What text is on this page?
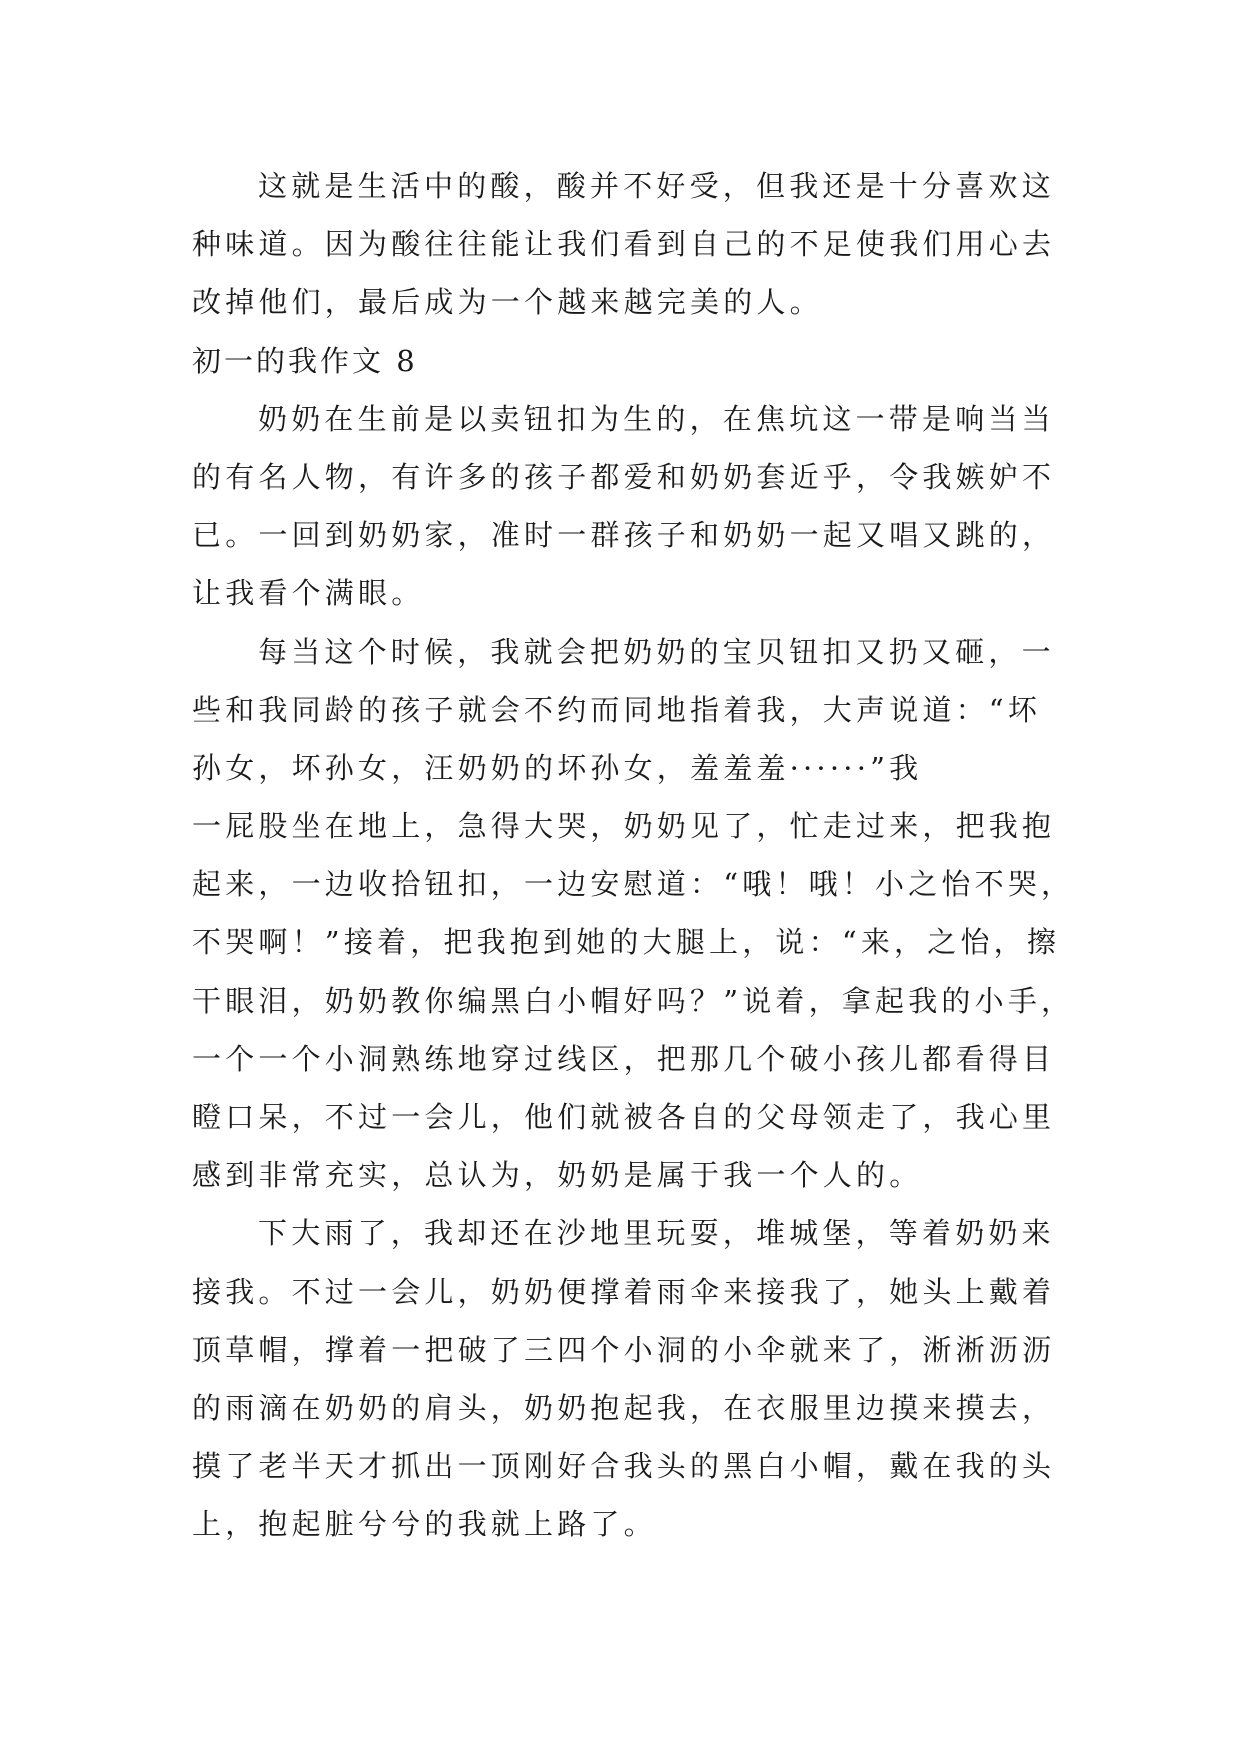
这就是生活中的酸，酸并不好受，但我还是十分喜欢这
种味道。因为酸往往能让我们看到自己的不足使我们用心去
改掉他们，最后成为一个越来越完美的人。
初一的我作文 8
奶奶在生前是以卖钮扣为生的，在焦坑这一带是响当当
的有名人物，有许多的孩子都爱和奶奶套近乎，令我嫉妒不
已。一回到奶奶家，准时一群孩子和奶奶一起又唱又跳的，
让我看个满眼。
每当这个时候，我就会把奶奶的宝贝钮扣又扔又砸，一
些和我同龄的孩子就会不约而同地指着我，大声说道：“坏
孙女，坏孙女，汪奶奶的坏孙女，羞羞羞······”我
一屁股坐在地上，急得大哭，奶奶见了，忙走过来，把我抱
起来，一边收拾钮扣，一边安慰道：“哦！哦！小之怡不哭，
不哭啊！”接着，把我抱到她的大腿上，说：“来，之怡，擦
干眼泪，奶奶教你编黑白小帽好吗？”说着，拿起我的小手，
一个一个小洞熟练地穿过线区，把那几个破小孩儿都看得目
瞪口呆，不过一会儿，他们就被各自的父母领走了，我心里
感到非常充实，总认为，奶奶是属于我一个人的。
下大雨了，我却还在沙地里玩耍，堆城堡，等着奶奶来
接我。不过一会儿，奶奶便撑着雨伞来接我了，她头上戴着
顶草帽，撑着一把破了三四个小洞的小伞就来了，淅淅沥沥
的雨滴在奶奶的肩头，奶奶抱起我，在衣服里边摸来摸去，
摸了老半天才抓出一顶刚好合我头的黑白小帽，戴在我的头
上，抱起脏兮兮的我就上路了。
